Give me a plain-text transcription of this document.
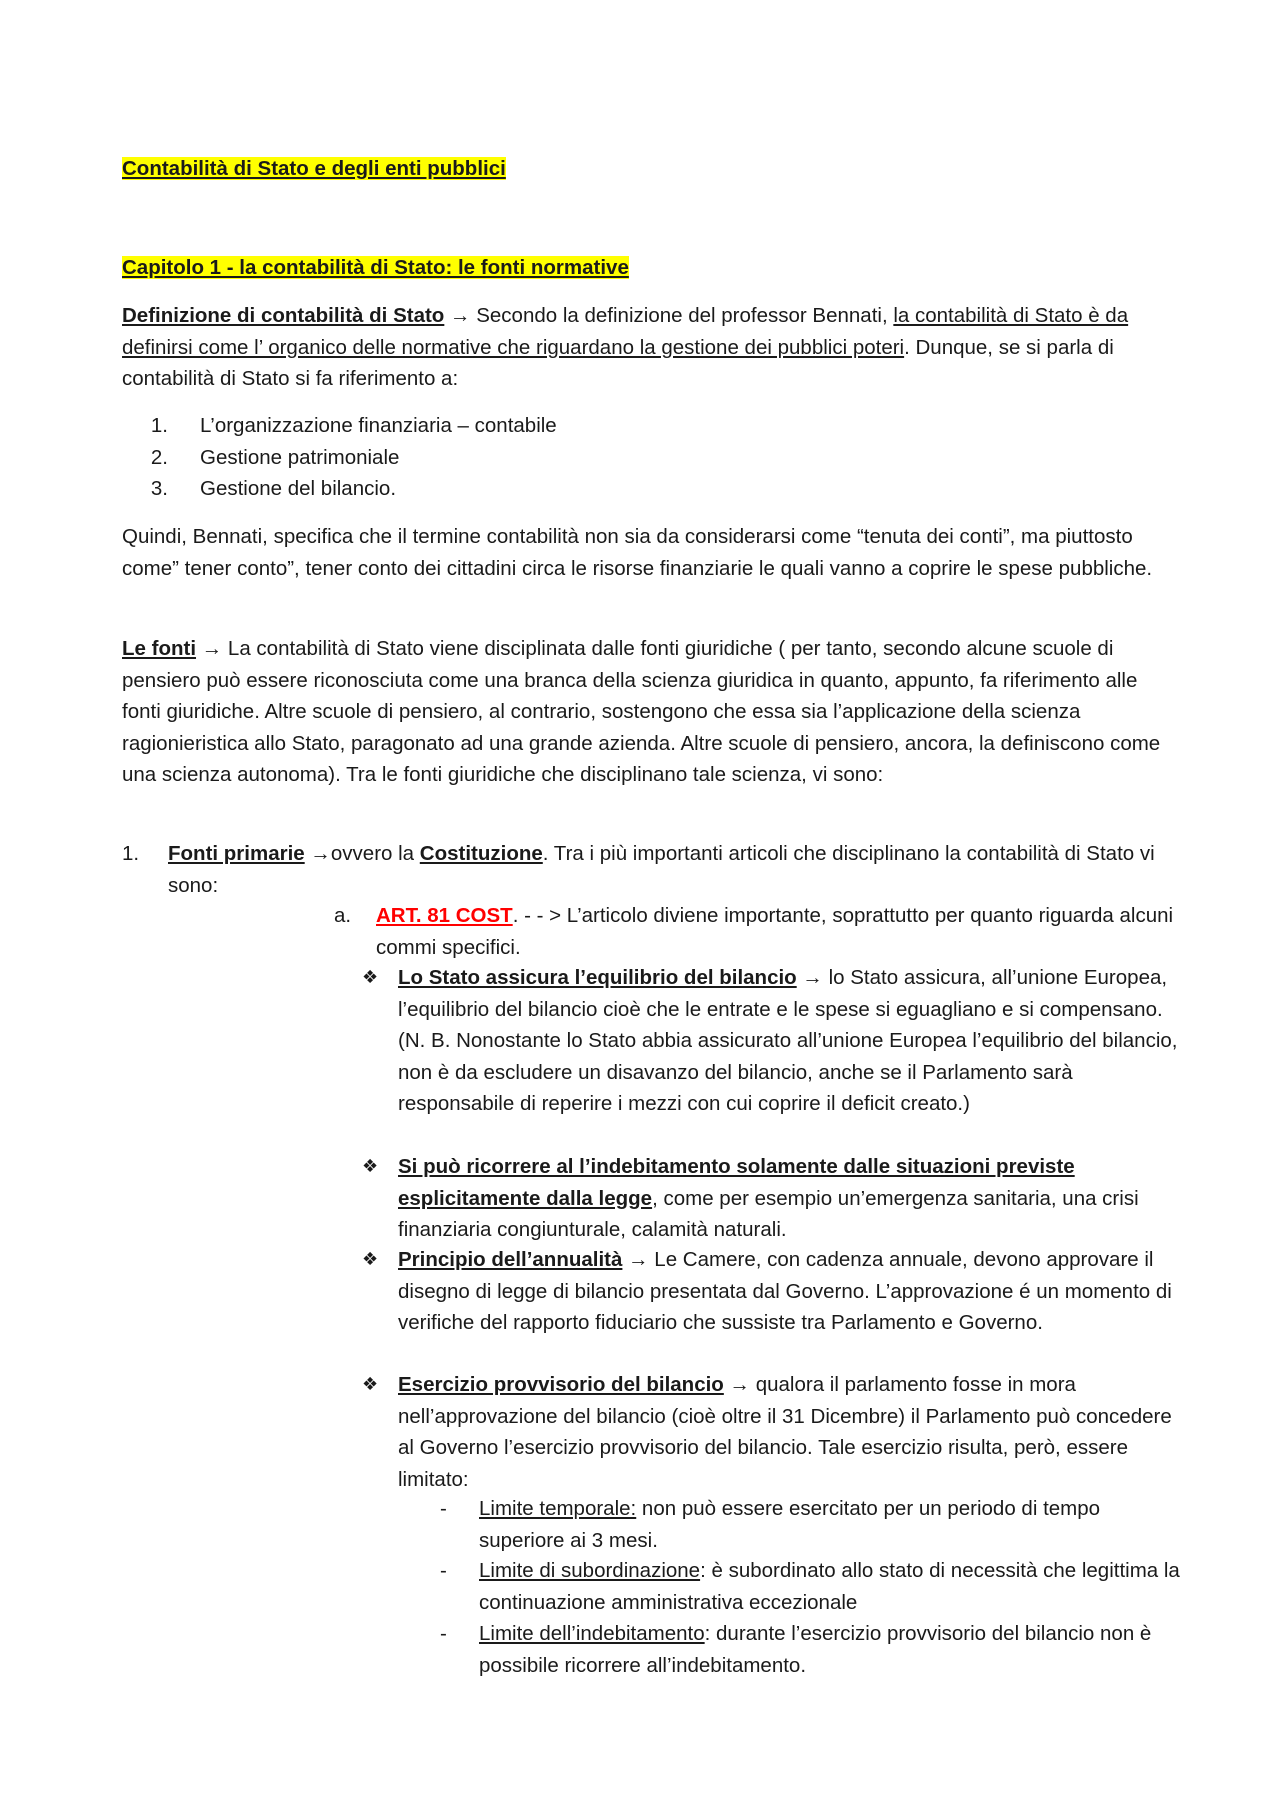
Contabilità di Stato e degli enti pubblici

Capitolo 1 - la contabilità di Stato: le fonti normative

Definizione di contabilità di Stato → Secondo la definizione del professor Bennati, la contabilità di Stato è da definirsi come l’ organico delle normative che riguardano la gestione dei pubblici poteri. Dunque, se si parla di contabilità di Stato si fa riferimento a:

1.	L’organizzazione finanziaria – contabile
2.	Gestione patrimoniale
3.	Gestione del bilancio.

Quindi, Bennati, specifica che il termine contabilità non sia da considerarsi come “tenuta dei conti”, ma piuttosto come” tener conto”, tener conto dei cittadini circa le risorse finanziarie le quali vanno a coprire le spese pubbliche.

Le fonti → La contabilità di Stato viene disciplinata dalle fonti giuridiche ( per tanto, secondo alcune scuole di pensiero può essere riconosciuta come una branca della scienza giuridica in quanto, appunto, fa riferimento alle fonti giuridiche. Altre scuole di pensiero, al contrario, sostengono che essa sia l’applicazione della scienza ragionieristica allo Stato, paragonato ad una grande azienda. Altre scuole di pensiero, ancora, la definiscono come una scienza autonoma). Tra le fonti giuridiche che disciplinano tale scienza, vi sono:

1.	Fonti primarie →ovvero la Costituzione. Tra i più importanti articoli che disciplinano la contabilità di Stato vi sono:
a.	ART. 81 COST. - - > L’articolo diviene importante, soprattutto per quanto riguarda alcuni commi specifici.
❖ Lo Stato assicura l’equilibrio del bilancio → lo Stato assicura, all’unione Europea, l’equilibrio del bilancio cioè che le entrate e le spese si eguagliano e si compensano. (N. B. Nonostante lo Stato abbia assicurato all’unione Europea l’equilibrio del bilancio, non è da escludere un disavanzo del bilancio, anche se il Parlamento sarà responsabile di reperire i mezzi con cui coprire il deficit creato.)
❖ Si può ricorrere al l’indebitamento solamente dalle situazioni previste esplicitamente dalla legge, come per esempio un’emergenza sanitaria, una crisi finanziaria congiunturale, calamità naturali.
❖ Principio dell’annualità → Le Camere, con cadenza annuale, devono approvare il disegno di legge di bilancio presentata dal Governo. L’approvazione é un momento di verifiche del rapporto fiduciario che sussiste tra Parlamento e Governo.
❖ Esercizio provvisorio del bilancio → qualora il parlamento fosse in mora nell’approvazione del bilancio (cioè oltre il 31 Dicembre) il Parlamento può concedere al Governo l’esercizio provvisorio del bilancio. Tale esercizio risulta, però, essere limitato:
-	Limite temporale: non può essere esercitato per un periodo di tempo superiore ai 3 mesi.
-	Limite di subordinazione: è subordinato allo stato di necessità che legittima la continuazione amministrativa eccezionale
-	Limite dell’indebitamento: durante l’esercizio provvisorio del bilancio non è possibile ricorrere all’indebitamento.
